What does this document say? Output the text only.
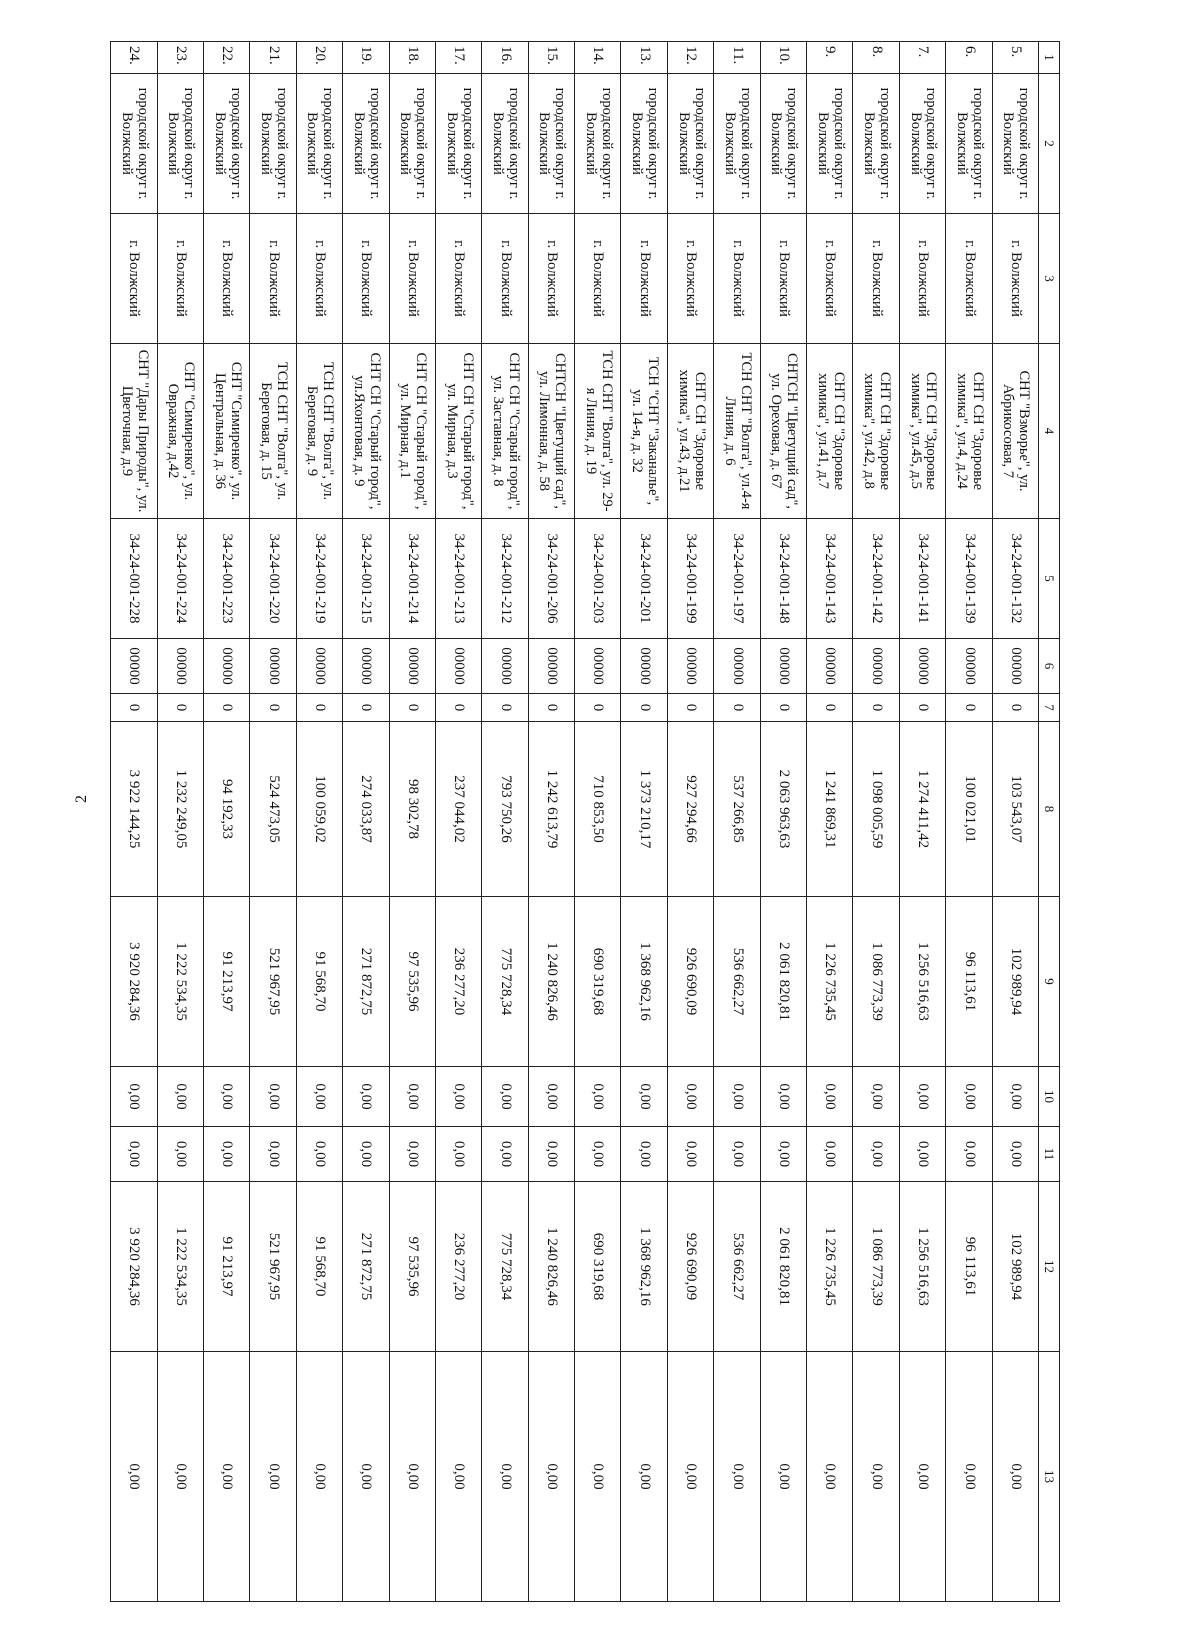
2
1	2	3	4	5	6	7	8	9	10	11	12	13
5.	городской округ г. Волжский	г. Волжский	СНТ "Взморье", ул. Абрикосовая, 7	34-24-001-132	00000	0	103 543,07	102 989,94	0,00	0,00	102 989,94	0,00
6.	городской округ г. Волжский	г. Волжский	СНТ СН "Здоровье химика", ул.4, д.24	34-24-001-139	00000	0	100 021,01	96 113,61	0,00	0,00	96 113,61	0,00
7.	городской округ г. Волжский	г. Волжский	СНТ СН "Здоровье химика", ул.45, д.5	34-24-001-141	00000	0	1 274 411,42	1 256 516,63	0,00	0,00	1 256 516,63	0,00
8.	городской округ г. Волжский	г. Волжский	СНТ СН "Здоровье химика", ул.42, д.8	34-24-001-142	00000	0	1 098 005,59	1 086 773,39	0,00	0,00	1 086 773,39	0,00
9.	городской округ г. Волжский	г. Волжский	СНТ СН "Здоровье химика", ул.41, д.7	34-24-001-143	00000	0	1 241 869,31	1 226 735,45	0,00	0,00	1 226 735,45	0,00
10.	городской округ г. Волжский	г. Волжский	СНТСН "Цветущий сад", ул. Ореховая, д. 67	34-24-001-148	00000	0	2 063 963,63	2 061 820,81	0,00	0,00	2 061 820,81	0,00
11.	городской округ г. Волжский	г. Волжский	ТСН СНТ "Волга", ул.4-я Линия, д. 6	34-24-001-197	00000	0	537 266,85	536 662,27	0,00	0,00	536 662,27	0,00
12.	городской округ г. Волжский	г. Волжский	СНТ СН "Здоровье химика", ул.43, д.21	34-24-001-199	00000	0	927 294,66	926 690,09	0,00	0,00	926 690,09	0,00
13.	городской округ г. Волжский	г. Волжский	ТСН "СНТ "Заканалье", ул. 14-я, д. 32	34-24-001-201	00000	0	1 373 210,17	1 368 962,16	0,00	0,00	1 368 962,16	0,00
14.	городской округ г. Волжский	г. Волжский	ТСН СНТ "Волга", ул. 29-я Линия, д. 19	34-24-001-203	00000	0	710 853,50	690 319,68	0,00	0,00	690 319,68	0,00
15.	городской округ г. Волжский	г. Волжский	СНТСН "Цветущий сад", ул. Лимонная, д. 58	34-24-001-206	00000	0	1 242 613,79	1 240 826,46	0,00	0,00	1 240 826,46	0,00
16.	городской округ г. Волжский	г. Волжский	СНТ СН "Старый город", ул. Заставная, д. 8	34-24-001-212	00000	0	793 750,26	775 728,34	0,00	0,00	775 728,34	0,00
17.	городской округ г. Волжский	г. Волжский	СНТ СН "Старый город", ул. Мирная, д.3	34-24-001-213	00000	0	237 044,02	236 277,20	0,00	0,00	236 277,20	0,00
18.	городской округ г. Волжский	г. Волжский	СНТ СН "Старый город", ул. Мирная, д.1	34-24-001-214	00000	0	98 302,78	97 535,96	0,00	0,00	97 535,96	0,00
19.	городской округ г. Волжский	г. Волжский	СНТ СН "Старый город", ул.Яхонтовая, д. 9	34-24-001-215	00000	0	274 033,87	271 872,75	0,00	0,00	271 872,75	0,00
20.	городской округ г. Волжский	г. Волжский	ТСН СНТ "Волга", ул. Береговая, д. 9	34-24-001-219	00000	0	100 059,02	91 568,70	0,00	0,00	91 568,70	0,00
21.	городской округ г. Волжский	г. Волжский	ТСН СНТ "Волга", ул. Береговая, д. 15	34-24-001-220	00000	0	524 473,05	521 967,95	0,00	0,00	521 967,95	0,00
22.	городской округ г. Волжский	г. Волжский	СНТ "Симиренко", ул. Центральная, д. 36	34-24-001-223	00000	0	94 192,33	91 213,97	0,00	0,00	91 213,97	0,00
23.	городской округ г. Волжский	г. Волжский	СНТ "Симиренко", ул. Овражная, д.42	34-24-001-224	00000	0	1 232 249,05	1 222 534,35	0,00	0,00	1 222 534,35	0,00
24.	городской округ г. Волжский	г. Волжский	СНТ "Дары Природы", ул. Цветочная, д.9	34-24-001-228	00000	0	3 922 144,25	3 920 284,36	0,00	0,00	3 920 284,36	0,00
